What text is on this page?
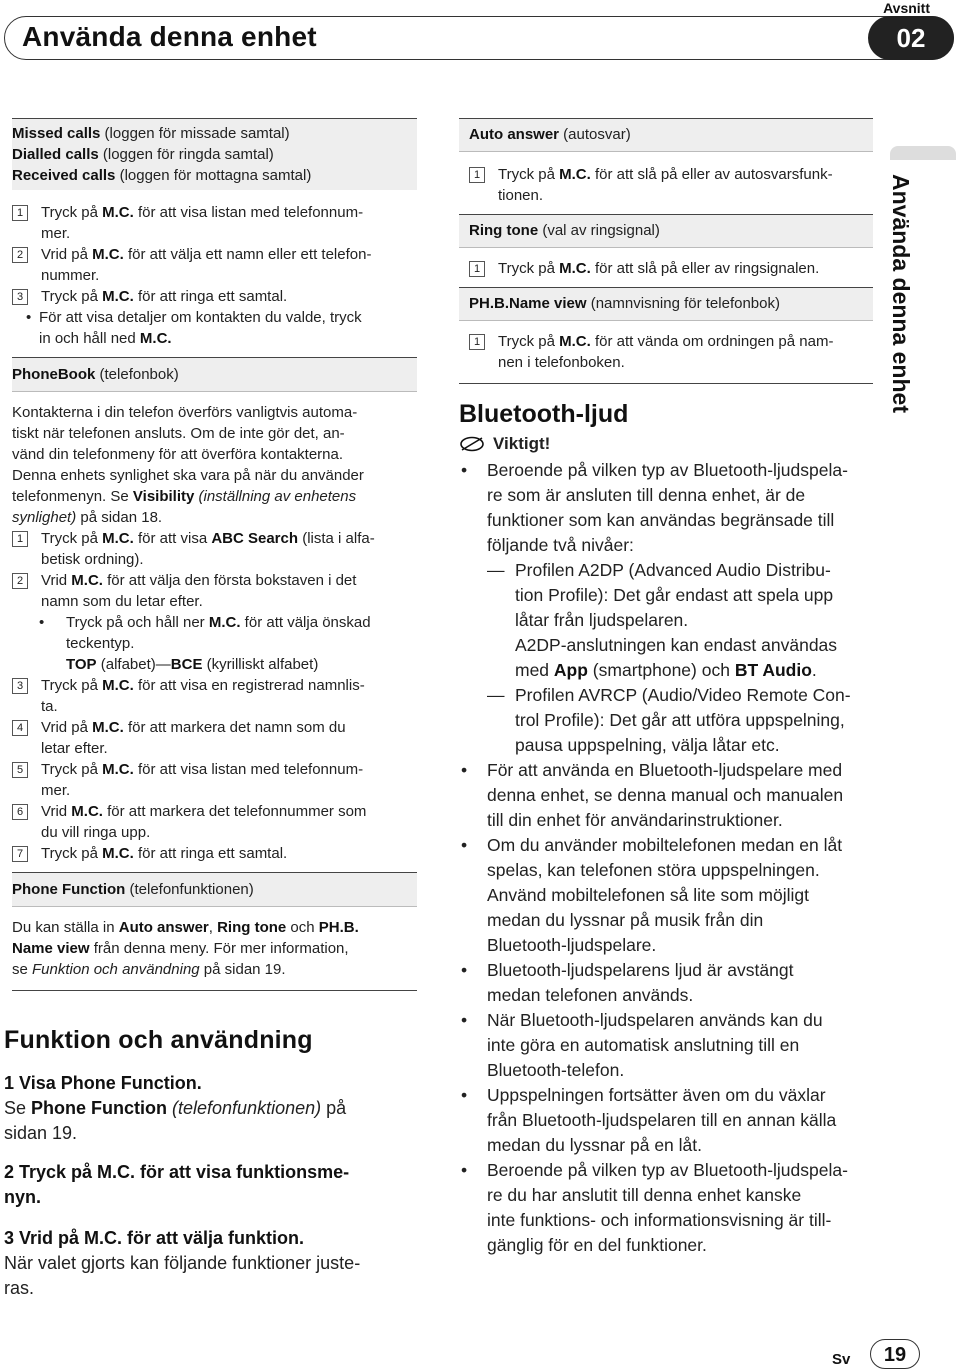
Använda denna enhet
Avsnitt
02
Använda denna enhet
Missed calls (loggen för missade samtal)
Dialled calls (loggen för ringda samtal)
Received calls (loggen för mottagna samtal)
1	Tryck på M.C. för att visa listan med telefonnum-
mer.
2	Vrid på M.C. för att välja ett namn eller ett telefon-
nummer.
3	Tryck på M.C. för att ringa ett samtal.
• För att visa detaljer om kontakten du valde, tryck
in och håll ned M.C.
PhoneBook (telefonbok)
Kontakterna i din telefon överförs vanligtvis automa-
tiskt när telefonen ansluts. Om de inte gör det, an-
vänd din telefonmeny för att överföra kontakterna.
Denna enhets synlighet ska vara på när du använder
telefonmenyn. Se Visibility (inställning av enhetens
synlighet) på sidan 18.
1	Tryck på M.C. för att visa ABC Search (lista i alfa-
betisk ordning).
2	Vrid M.C. för att välja den första bokstaven i det
namn som du letar efter.
•	Tryck på och håll ner M.C. för att välja önskad
teckentyp.
TOP (alfabet)—BCE (kyrilliskt alfabet)
3	Tryck på M.C. för att visa en registrerad namnlis-
ta.
4	Vrid på M.C. för att markera det namn som du
letar efter.
5	Tryck på M.C. för att visa listan med telefonnum-
mer.
6	Vrid M.C. för att markera det telefonnummer som
du vill ringa upp.
7	Tryck på M.C. för att ringa ett samtal.
Phone Function (telefonfunktionen)
Du kan ställa in Auto answer, Ring tone och PH.B.
Name view från denna meny. För mer information,
se Funktion och användning på sidan 19.
Funktion och användning
1 Visa Phone Function.

Se Phone Function (telefonfunktionen) på
sidan 19.

2 Tryck på M.C. för att visa funktionsme-
nyn.
3 Vrid på M.C. för att välja funktion.

När valet gjorts kan följande funktioner juste-
ras.

Auto answer (autosvar)
1	Tryck på M.C. för att slå på eller av autosvarsfunk-
tionen.
Ring tone (val av ringsignal)
1	Tryck på M.C. för att slå på eller av ringsignalen.
PH.B.Name view (namnvisning för telefonbok)
1	Tryck på M.C. för att vända om ordningen på nam-
nen i telefonboken.
Bluetooth-ljud
Viktigt!
•	Beroende på vilken typ av Bluetooth-ljudspela-
re som är ansluten till denna enhet, är de
funktioner som kan användas begränsade till
följande två nivåer:
— Profilen A2DP (Advanced Audio Distribu-
tion Profile): Det går endast att spela upp
låtar från ljudspelaren.
A2DP-anslutningen kan endast användas
med App (smartphone) och BT Audio.
— Profilen AVRCP (Audio/Video Remote Con-
trol Profile): Det går att utföra uppspelning,
pausa uppspelning, välja låtar etc.
•	För att använda en Bluetooth-ljudspelare med
denna enhet, se denna manual och manualen
till din enhet för användarinstruktioner.
•	Om du använder mobiltelefonen medan en låt
spelas, kan telefonen störa uppspelningen.
Använd mobiltelefonen så lite som möjligt
medan du lyssnar på musik från din
Bluetooth-ljudspelare.
•	Bluetooth-ljudspelarens ljud är avstängt
medan telefonen används.
•	När Bluetooth-ljudspelaren används kan du
inte göra en automatisk anslutning till en
Bluetooth-telefon.
•	Uppspelningen fortsätter även om du växlar
från Bluetooth-ljudspelaren till en annan källa
medan du lyssnar på en låt.
•	Beroende på vilken typ av Bluetooth-ljudspela-
re du har anslutit till denna enhet kanske
inte funktions- och informationsvisning är till-
gänglig för en del funktioner.
Sv	19
